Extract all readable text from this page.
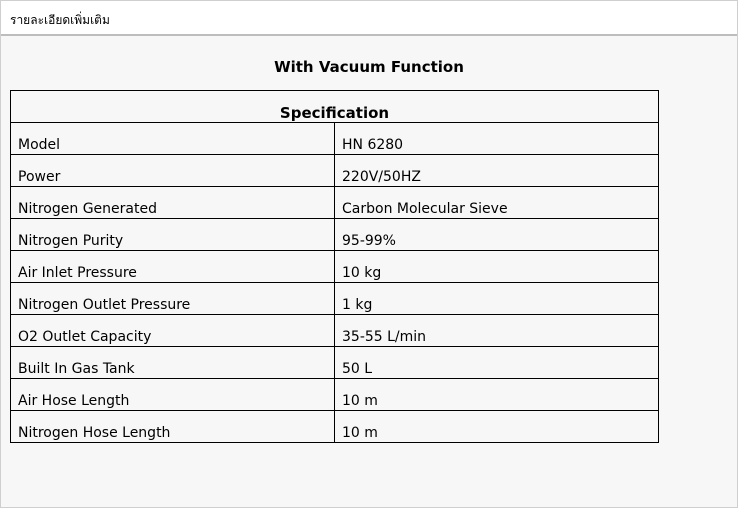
รายละเอียดเพิ่มเติม
With Vacuum Function
Specification	
Model	HN 6280
Power	220V/50HZ
Nitrogen Generated	Carbon Molecular Sieve
Nitrogen Purity	95-99%
Air Inlet Pressure	10 kg
Nitrogen Outlet Pressure	1 kg
O2 Outlet Capacity	35-55 L/min
Built In Gas Tank	50 L
Air Hose Length	10 m
Nitrogen Hose Length	10 m
